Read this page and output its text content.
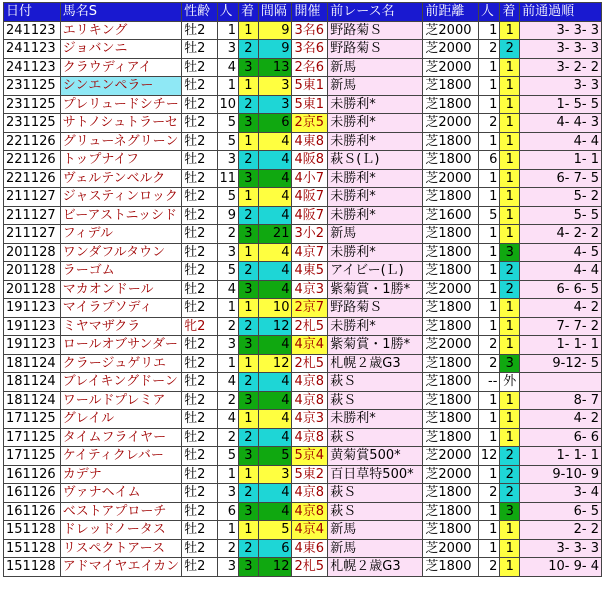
日付	馬名S	性齢	人	着	間隔	開催	前レース名	前距離	人	着	前通過順
241123	エリキング	牡2	1	1	9	3名6	野路菊Ｓ	芝2000	1	1	3- 3- 3
241123	ジョバンニ	牡2	3	2	9	3名6	野路菊Ｓ	芝2000	2	2	3- 3- 3
241123	クラウディアイ	牡2	4	3	13	2名6	新馬	芝2000	1	1	3- 2- 2
231125	シンエンペラー	牡2	1	1	3	5東1	新馬	芝1800	1	1	3- 3
231125	プレリュードシチー	牡2	10	2	3	5東1	未勝利*	芝1800	1	1	1- 5- 5
231125	サトノシュトラーセ	牡2	5	3	6	2京5	未勝利*	芝2000	2	1	4- 4- 3
221126	グリューネグリーン	牡2	5	1	4	4東8	未勝利*	芝1800	1	1	4- 4
221126	トップナイフ	牡2	3	2	4	4阪8	萩Ｓ(Ｌ)	芝1800	6	1	1- 1
221126	ヴェルテンベルク	牡2	11	3	4	4小7	未勝利*	芝2000	1	1	6- 7- 5
211127	ジャスティンロック	牡2	5	1	4	4阪7	未勝利*	芝1800	1	1	5- 2
211127	ビーアストニッシド	牡2	9	2	4	4阪7	未勝利*	芝1600	5	1	5- 5
211127	フィデル	牡2	2	3	21	3小2	新馬	芝1800	1	1	4- 2- 2
201128	ワンダフルタウン	牡2	3	1	4	4京7	未勝利*	芝1800	1	3	4- 5
201128	ラーゴム	牡2	5	2	4	4東5	アイビー(Ｌ)	芝1800	1	2	4- 4
201128	マカオンドール	牡2	4	3	4	4京3	紫菊賞・1勝*	芝2000	1	2	6- 6- 5
191123	マイラプソディ	牡2	1	1	10	2京7	野路菊Ｓ	芝1800	1	1	4- 2
191123	ミヤマザクラ	牝2	2	2	12	2札5	未勝利*	芝1800	1	1	7- 7- 2
191123	ロールオブサンダー	牡2	3	3	4	4京4	紫菊賞・1勝*	芝2000	2	1	1- 1- 1
181124	クラージュゲリエ	牡2	1	1	12	2札5	札幌２歳G3	芝1800	2	3	9-12- 5
181124	ブレイキングドーン	牡2	4	2	4	4京8	萩Ｓ	芝1800	--	外	
181124	ワールドプレミア	牡2	2	3	4	4京8	萩Ｓ	芝1800	1	1	8- 7
171125	グレイル	牡2	4	1	4	4京3	未勝利*	芝1800	1	1	4- 2
171125	タイムフライヤー	牡2	2	2	4	4京8	萩Ｓ	芝1800	1	1	6- 6
171125	ケイティクレバー	牡2	5	3	5	5京4	黄菊賞500*	芝2000	12	2	1- 1- 1
161126	カデナ	牡2	1	1	3	5東2	百日草特500*	芝2000	1	2	9-10- 9
161126	ヴァナヘイム	牡2	3	2	4	4京8	萩Ｓ	芝1800	2	2	3- 4
161126	ベストアプローチ	牡2	6	3	4	4京8	萩Ｓ	芝1800	1	3	6- 5
151128	ドレッドノータス	牡2	1	1	5	4京4	新馬	芝1800	1	1	2- 2
151128	リスペクトアース	牡2	2	2	6	4東6	新馬	芝2000	1	1	3- 3- 3
151128	アドマイヤエイカン	牡2	3	3	12	2札5	札幌２歳G3	芝1800	2	1	10- 9- 4
